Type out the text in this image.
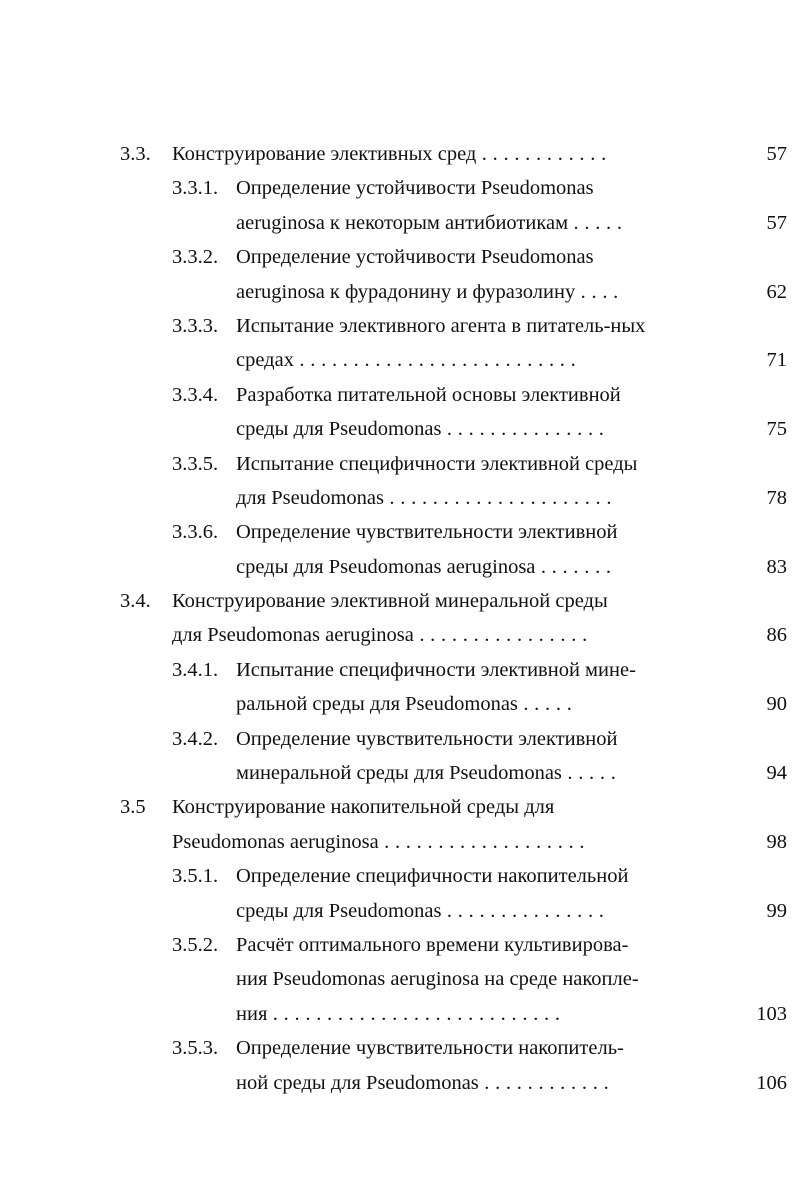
3.3. Конструирование элективных сред . . . . . . . . . . . .	57
3.3.1. Определение устойчивости Pseudomonas
aeruginosa к некоторым антибиотикам . . . . .	57
3.3.2. Определение устойчивости Pseudomonas
aeruginosa к фурадонину и фуразолину . . . .	62
3.3.3. Испытание элективного агента в питатель-ных
средах . . . . . . . . . . . . . . . . . . . . . . . . . .	71
3.3.4. Разработка питательной основы элективной
среды для Pseudomonas . . . . . . . . . . . . . . .	75
3.3.5. Испытание специфичности элективной среды
для Pseudomonas . . . . . . . . . . . . . . . . . . . . .	78
3.3.6. Определение чувствительности элективной
среды для Pseudomonas aeruginosa . . . . . . .	83
3.4. Конструирование элективной минеральной среды
для Pseudomonas aeruginosa . . . . . . . . . . . . . . . .	86
3.4.1. Испытание специфичности элективной мине-
ральной среды для Pseudomonas . . . . .	90
3.4.2. Определение чувствительности элективной
минеральной среды для Pseudomonas . . . . .	94
3.5 Конструирование накопительной среды для
Pseudomonas aeruginosa . . . . . . . . . . . . . . . . . . .	98
3.5.1. Определение специфичности накопительной
среды для Pseudomonas . . . . . . . . . . . . . . .	99
3.5.2. Расчёт оптимального времени культивирова-
ния Pseudomonas aeruginosa на среде накопле-
ния . . . . . . . . . . . . . . . . . . . . . . . . . . .	103
3.5.3. Определение чувствительности накопитель-
ной среды для Pseudomonas . . . . . . . . . . . .	106
